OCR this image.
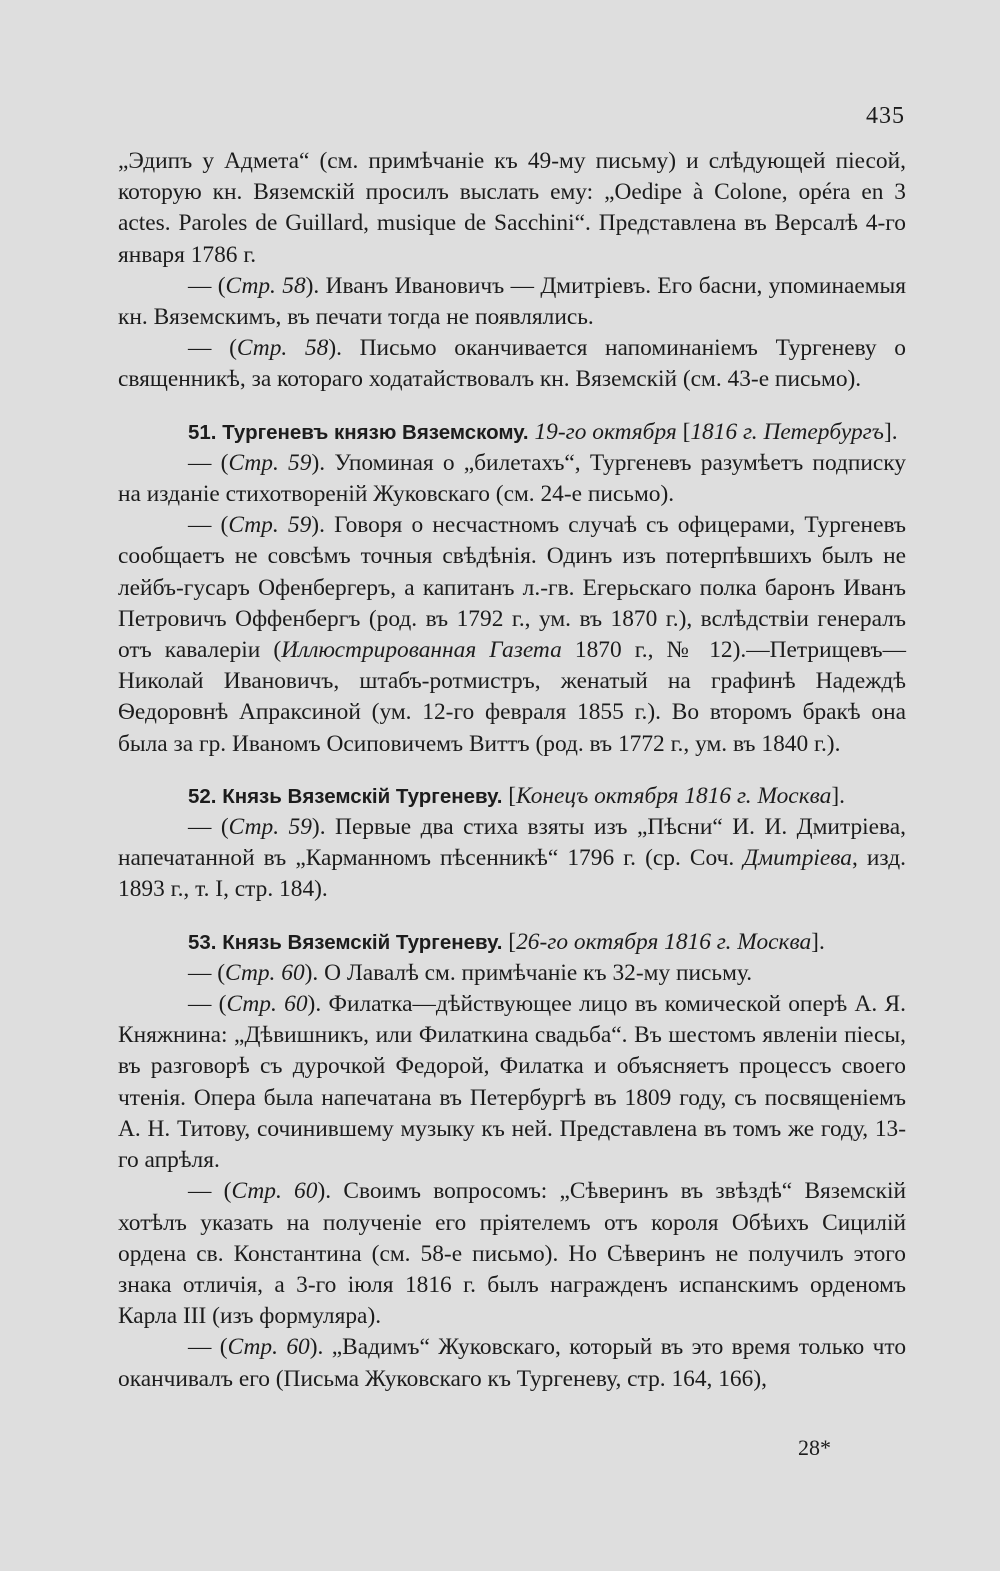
435

„Эдипъ у Адмета“ (см. примѣчаніе къ 49-му письму) и слѣдующей піесой, которую кн. Вяземскій просилъ выслать ему: „Oedipe à Colone, opéra en 3 actes. Paroles de Guillard, musique de Sacchini“. Представлена въ Версалѣ 4-го января 1786 г.

— (Стр. 58). Иванъ Ивановичъ — Дмитріевъ. Его басни, упоминаемыя кн. Вяземскимъ, въ печати тогда не появлялись.

— (Стр. 58). Письмо оканчивается напоминаніемъ Тургеневу о священникѣ, за котораго ходатайствовалъ кн. Вяземскій (см. 43-е письмо).

51. Тургеневъ князю Вяземскому. 19-го октября [1816 г. Петербургъ].

— (Стр. 59). Упоминая о „билетахъ“, Тургеневъ разумѣетъ подписку на изданіе стихотвореній Жуковскаго (см. 24-е письмо).

— (Стр. 59). Говоря о несчастномъ случаѣ съ офицерами, Тургеневъ сообщаетъ не совсѣмъ точныя свѣдѣнія. Одинъ изъ потерпѣвшихъ былъ не лейбъ-гусаръ Офенбергеръ, а капитанъ л.-гв. Егерьскаго полка баронъ Иванъ Петровичъ Оффенбергъ (род. въ 1792 г., ум. въ 1870 г.), вслѣдствіи генералъ отъ кавалеріи (Иллюстрированная Газета 1870 г., № 12).—Петрищевъ—Николай Ивановичъ, штабъ-ротмистръ, женатый на графинѣ Надеждѣ Ѳедоровнѣ Апраксиной (ум. 12-го февраля 1855 г.). Во второмъ бракѣ она была за гр. Иваномъ Осиповичемъ Виттъ (род. въ 1772 г., ум. въ 1840 г.).

52. Князь Вяземскій Тургеневу. [Конецъ октября 1816 г. Москва].

— (Стр. 59). Первые два стиха взяты изъ „Пѣсни“ И. И. Дмитріева, напечатанной въ „Карманномъ пѣсенникѣ“ 1796 г. (ср. Соч. Дмитріева, изд. 1893 г., т. I, стр. 184).

53. Князь Вяземскій Тургеневу. [26-го октября 1816 г. Москва].

— (Стр. 60). О Лавалѣ см. примѣчаніе къ 32-му письму.

— (Стр. 60). Филатка—дѣйствующее лицо въ комической оперѣ А. Я. Княжнина: „Дѣвишникъ, или Филаткина свадьба“. Въ шестомъ явленіи піесы, въ разговорѣ съ дурочкой Федорой, Филатка и объясняетъ процессъ своего чтенія. Опера была напечатана въ Петербургѣ въ 1809 году, съ посвященіемъ А. Н. Титову, сочинившему музыку къ ней. Представлена въ томъ же году, 13-го апрѣля.

— (Стр. 60). Своимъ вопросомъ: „Сѣверинъ въ звѣздѣ“ Вяземскій хотѣлъ указать на полученіе его пріятелемъ отъ короля Обѣихъ Сицилій ордена св. Константина (см. 58-е письмо). Но Сѣверинъ не получилъ этого знака отличія, а 3-го іюля 1816 г. былъ награжденъ испанскимъ орденомъ Карла III (изъ формуляра).

— (Стр. 60). „Вадимъ“ Жуковскаго, который въ это время только что оканчивалъ его (Письма Жуковскаго къ Тургеневу, стр. 164, 166),

28*
